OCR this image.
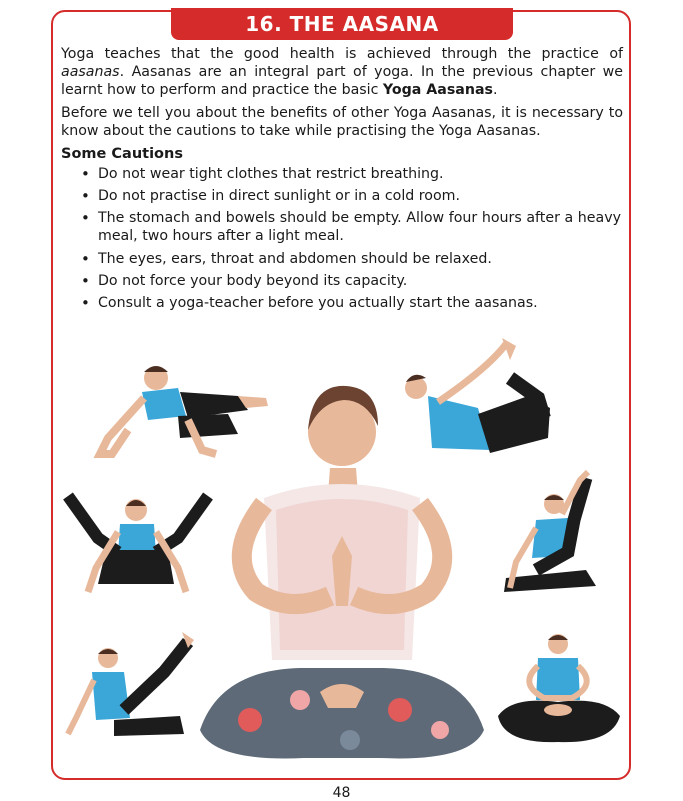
16. THE AASANA

Yoga teaches that the good health is achieved through the practice of aasanas. Aasanas are an integral part of yoga. In the previous chapter we learnt how to perform and practice the basic Yoga Aasanas.

Before we tell you about the benefits of other Yoga Aasanas, it is necessary to know about the cautions to take while practising the Yoga Aasanas.

Some Cautions
• Do not wear tight clothes that restrict breathing.
• Do not practise in direct sunlight or in a cold room.
• The stomach and bowels should be empty. Allow four hours after a heavy meal, two hours after a light meal.
• The eyes, ears, throat and abdomen should be relaxed.
• Do not force your body beyond its capacity.
• Consult a yoga-teacher before you actually start the aasanas.
48
